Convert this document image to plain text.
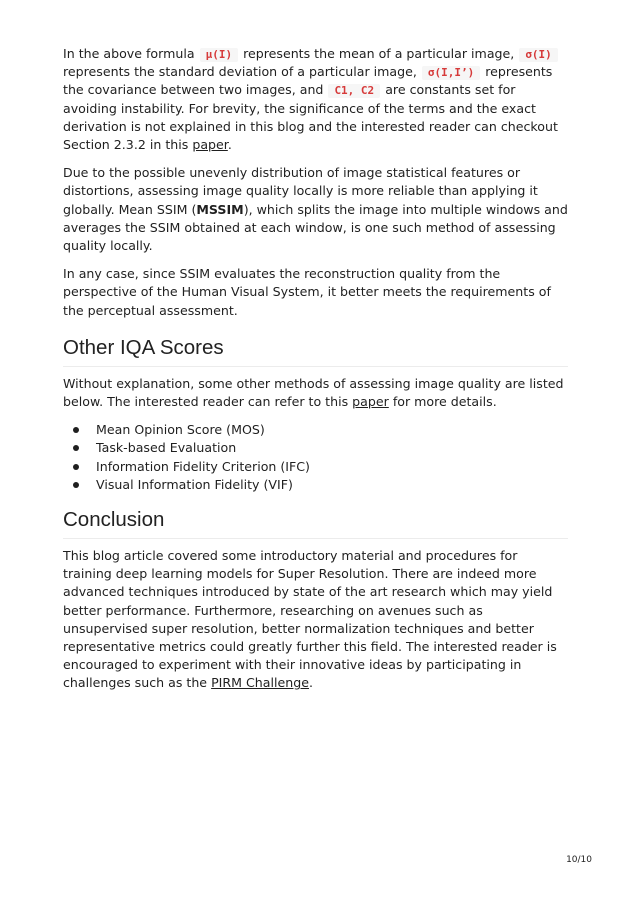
In the above formula μ(I) represents the mean of a particular image, σ(I) represents the standard deviation of a particular image, σ(I,I’) represents the covariance between two images, and C1, C2 are constants set for avoiding instability. For brevity, the significance of the terms and the exact derivation is not explained in this blog and the interested reader can checkout Section 2.3.2 in this paper.

Due to the possible unevenly distribution of image statistical features or distortions, assessing image quality locally is more reliable than applying it globally. Mean SSIM (MSSIM), which splits the image into multiple windows and averages the SSIM obtained at each window, is one such method of assessing quality locally.

In any case, since SSIM evaluates the reconstruction quality from the perspective of the Human Visual System, it better meets the requirements of the perceptual assessment.

Other IQA Scores

Without explanation, some other methods of assessing image quality are listed below. The interested reader can refer to this paper for more details.

Mean Opinion Score (MOS)
Task-based Evaluation
Information Fidelity Criterion (IFC)
Visual Information Fidelity (VIF)
Conclusion

This blog article covered some introductory material and procedures for training deep learning models for Super Resolution. There are indeed more advanced techniques introduced by state of the art research which may yield better performance. Furthermore, researching on avenues such as unsupervised super resolution, better normalization techniques and better representative metrics could greatly further this field. The interested reader is encouraged to experiment with their innovative ideas by participating in challenges such as the PIRM Challenge.

10/10
